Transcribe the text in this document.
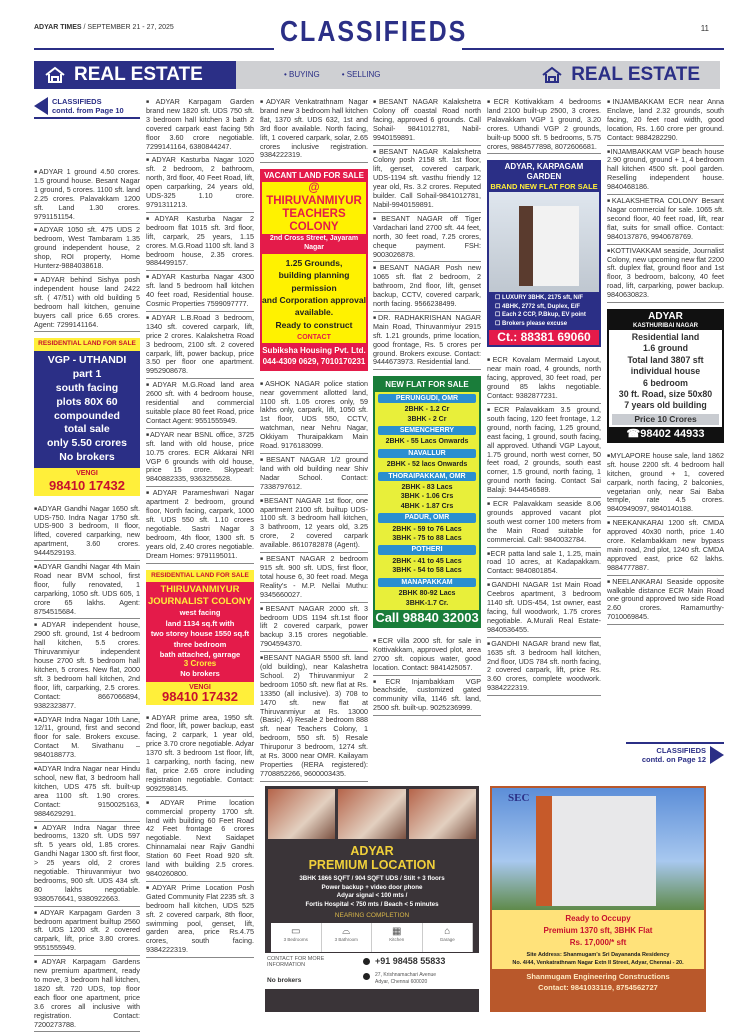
ADYAR TIMES / SEPTEMBER 21 - 27, 2025	CLASSIFIEDS	11
REAL ESTATE	• BUYING	• SELLING	REAL ESTATE
CLASSIFIEDS
contd. from Page 10

■ ADYAR 1 ground 4.50 crores. 1.5 ground house. Besant Nagar 1 ground, 5 crores. 1100 sft. land 2.25 crores. Palavakkam 1200 sft. Land 1.30 crores. 9791151154.

■ ADYAR 1050 sft. 475 UDS 2 bedroom, West Tambaram 1.35 ground independent house, 2 shop, ROI property, Home Hunterz-9884038618.

■ ADYAR behind Sishya posh independent house land 2422 sft. ( 47/51) with old building 5 bedroom hall kitchen, genuine buyers call price 6.65 crores. Agent: 7299141164.

RESIDENTIAL LAND FOR SALE
VGP - UTHANDI
part 1
south facing
plots 80X 60
compounded
total sale
only 5.50 crores
No brokers
VENGI
98410 17432

■ ADYAR Gandhi Nagar 1650 sft. UDS-750. Indra Nagar 1750 sft. UDS-900 3 bedroom, II floor, lifted, covered carparking, new apartment, 3.60 crores. 9444529193.

■ ADYAR Gandhi Nagar 4th Main Road near BVM school, first floor, fully renovated, 1 carparking, 1050 sft. UDS 605, 1 crore 65 lakhs. Agent: 8754515684.

■ ADYAR independent house, 2900 sft. ground, 1st 4 bedroom hall kitchen, 5.5 crores. Thiruvanmiyur independent house 2700 sft. 5 bedroom hall kitchen, 5 crores. New flat, 2000 sft. 3 bedroom hall kitchen, 2nd floor, lift, carparking, 2.5 crores. Contact: 8667066894, 9382323877.

■ ADYAR Indra Nagar 10th Lane, 12/11, ground, first and second floor for sale. Brokers excuse. Contact M. Sivathanu – 9840188773.

■ ADYAR Indra Nagar near Hindu school, new flat, 3 bedroom hall kitchen, UDS 475 sft. built-up area 1100 sft. 1.90 crores. Contact: 9150025163, 9884629291.

■ ADYAR Indra Nagar three bedrooms, 1320 sft. UDS 597 sft. 5 years old, 1.85 crores. Gandhi Nagar 1300 sft. first floor, > 25 years old, 2 crores negotiable. Thiruvanmiyur two bedrooms, 900 sft. UDS 434 sft. 80 lakhs negotiable. 9380576641, 9380922663.

■ ADYAR Karpagam Garden 3 bedroom apartment builtup 2560 sft. UDS 1200 sft. 2 covered carpark, lift, price 3.80 crores. 9551555949.

■ ADYAR Karpagam Gardens new premium apartment, ready to move, 3 bedroom hall kitchen, 1820 sft. 720 UDS, top floor each floor one apartment, price 3.6 crores all inclusive with registration. Contact: 7200273788.

■ ADYAR Karpagam Garden brand new 1820 sft. UDS 750 sft. 3 bedroom hall kitchen 3 bath 2 covered carpark east facing 5th floor 3.60 crore negotiable. 7299141164, 6380844247.

■ ADYAR Kasturba Nagar 1020 sft. 2 bedroom, 2 bathroom, north, 3rd floor, 40 Feet Road, lift, open carparking, 24 years old, UDS-325 1.10 crore. 9791311213.

■ ADYAR Kasturba Nagar 2 bedroom flat 1015 sft. 3rd floor, lift, carpark, 25 years, 1.15 crores. M.G.Road 1100 sft. land 3 bedroom house, 2.35 crores. 9884499157.

■ ADYAR Kasturba Nagar 4300 sft. land 5 bedroom hall kitchen 40 feet road, Residential house. Cosmic Properties 7599097777.

■ ADYAR L.B.Road 3 bedroom, 1340 sft. covered carpark, lift, price 2 crores. Kalakshetra Road 3 bedroom, 2100 sft. 2 covered carpark, lift, power backup, price 3.50 per floor one apartment. 9952908678.

■ ADYAR M.G.Road land area 2600 sft. with 4 bedroom house, residential and commercial suitable place 80 feet Road, price Contact Agent: 9551555949.

■ ADYAR near BSNL office, 3725 sft. land with old house, price 10.75 crores. ECR Akkarai NRI VGP 6 grounds with old house, price 15 crore. Skypearl: 9840882335, 9363255628.

■ ADYAR Parameshwari Nagar apartment 2 bedroom, ground floor, North facing, carpark, 1000 sft. UDS 550 sft. 1.10 crores negotiable. Sastri Nagar 3 bedroom, 4th floor, 1300 sft. 5 years old, 2.40 crores negotiable. Dream Homes: 9791195011.

RESIDENTIAL LAND FOR SALE
THIRUVANMIYUR
JOURNALIST COLONY
west facing
land 1134 sq.ft with
two storey house 1550 sq.ft
three bedroom
bath attached, garrage
3 Crores
No brokers
VENGI
98410 17432

■ ADYAR prime area, 1950 sft. 2nd floor, lift, power backup, east facing, 2 carpark, 1 year old, price 3.70 crore negotiable. Adyar 1370 sft. 3 bedroom 1st floor, lift, 1 carparking, north facing, new flat, price 2.65 crore including registration negotiable. Contact: 9092598145.

■ ADYAR Prime location commercial property 1700 sft. land with building 60 Feet Road 42 Feet frontage 6 crores negotiable. Next Saidapet Chinnamalai near Rajiv Gandhi Station 60 Feet Road 920 sft. land with building 2.5 crores. 9840260800.

■ ADYAR Prime Location Posh Gated Community Flat 2235 sft. 3 bedroom hall kitchen, UDS 525 sft. 2 covered carpark, 8th floor, swimming pool, genset, lift, garden area, price Rs.4.75 crores, south facing. 9384222319.

■ ADYAR Venkatrathnam Nagar brand new 3 bedroom hall kitchen flat, 1370 sft. UDS 632, 1st and 3rd floor available. North facing, lift, 1 covered carpark, solar, 2.65 crores inclusive registration. 9384222319.

VACANT LAND FOR SALE
@ THIRUVANMIYUR
TEACHERS COLONY
2nd Cross Street, Jayaram Nagar
1.25 Grounds,
building planning permission
and Corporation approval
available.
Ready to construct
CONTACT
Subiksha Housing Pvt. Ltd.
044-4309 0629, 7010170231

■ ASHOK NAGAR police station near government allotted land, 1100 sft. 1.05 crores only, 59 lakhs only, carpark, lift, 1050 sft. 1st floor, UDS 550, CCTV, watchman, near Nehru Nagar, Okkiyam Thuraipakkam Main Road. 9176183099.

■ BESANT NAGAR 1/2 ground land with old building near Shiv Nadar School. Contact: 7338797612.

■ BESANT NAGAR 1st floor, one apartment 2100 sft. builtup UDS-1100 sft. 3 bedroom hall kitchen, 3 bathroom, 12 years old, 3.25 crore, 2 covered carpark available. 8610782878 (Agent).

■ BESANT NAGAR 2 bedroom 915 sft. 900 sft. UDS, first floor, total house 6, 30 feet road. Mega Reality's - M.P. Nellai Muthu: 9345660027.

■ BESANT NAGAR 2000 sft. 3 bedroom UDS 1194 sft.1st floor lift 2 covered carpark, power backup 3.15 crores negotiable. 7904594370.

■ BESANT NAGAR 5500 sft. land (old building), near Kalashetra School. 2) Thiruvanmiyur 2 bedroom 1050 sft. new flat at Rs. 13350 (all inclusive). 3) 708 to 1470 sft. new flat at Thiruvanmiyur at Rs. 13000 (Basic). 4) Resale 2 bedroom 888 sft. near Teachers Colony, 1 bedroom, 550 sft. 5) Resale Thiruporur 3 bedroom, 1274 sft. at Rs. 3000 near OMR. Kailayam Properties (RERA registered): 7708852266, 9600003435.

■ BESANT NAGAR Kalakshetra Colony off coastal Road north facing, approved 6 grounds. Call Sohail- 9841012781, Nabil-9940159891.

■ BESANT NAGAR Kalakshetra Colony posh 2158 sft. 1st floor, lift, genset, covered carpark, UDS-1194 sft. vasthu friendly 12 year old, Rs. 3.2 crores. Reputed builder. Call Sohail-9841012781, Nabil-9940159891.

■ BESANT NAGAR off Tiger Vardachari land 2700 sft. 44 feet, north, 30 feet road, 7.25 crores, cheque payment. FSH: 9003026878.

■ BESANT NAGAR Posh new 1065 sft. flat 2 bedroom, 2 bathroom, 2nd floor, lift, genset backup, CCTV, covered carpark, north facing. 9566238499.

■ DR. RADHAKRISHAN NAGAR Main Road, Thiruvanmiyur 2915 sft. 1.21 grounds, prime location, good frontage, Rs. 5 crores per ground. Brokers excuse. Contact: 9444673973. Residential land.

NEW FLAT FOR SALE
PERUNGUDI, OMR
2BHK - 1.2 Cr
3BHK - 2 Cr
SEMENCHERRY
2BHK - 55 Lacs Onwards
NAVALLUR
2BHK - 52 lacs Onwards
THORAIPAKKAM, OMR
2BHK - 83 Lacs
3BHK - 1.06 Crs
4BHK - 1.87 Crs
PADUR, OMR
2BHK - 59 to 76 Lacs
3BHK - 75 to 88 Lacs
POTHERI
2BHK - 41 to 45 Lacs
3BHK - 54 to 58 Lacs
MANAPAKKAM
2BHK 80-92 Lacs
3BHK-1.7 Cr.
Call 98840 32003

■ ECR villa 2000 sft. for sale in Kottivakkam, approved plot, area 2700 sft. copious water, good location. Contact: 9841425057.

■ ECR Injambakkam VGP beachside, customized gated community villa, 1146 sft. land, 2500 sft. built-up. 9025236999.

■ ECR Kottivakkam 4 bedrooms land 2100 built-up 2500, 3 crores. Palavakkam VGP 1 ground, 3.20 crores. Uthandi VGP 2 grounds, built-up 5000 sft. 5 bedrooms, 5.75 crores, 9884577898, 8072606681.

ADYAR, KARPAGAM GARDEN
BRAND NEW FLAT FOR SALE
☐ LUXURY 3BHK, 2175 sft, N/F
☐ 4BHK, 2772 sft, Duplex, E/F
☐ Each 2 CCP, P.Bkup, EV point
☐ Brokers please excuse
Ct.: 88381 69060

■ ECR Kovalam Mermaid Layout, near main road, 4 grounds, north facing, approved, 30 feet road, per ground 85 lakhs negotiable. Contact: 9382877231.

■ ECR Palavakkam 3.5 ground, south facing, 120 feet frontage, 1.2 ground, north facing, 1.25 ground, east facing, 1 ground, south facing, all approved. Uthandi VGP Layout, 1.75 ground, north west corner, 50 feet road, 2 grounds, south east corner, 1.5 ground, north facing, 1 ground north facing. Contact Sai Balaji: 9444546589.

■ ECR Palavakkam seaside 8.06 grounds approved vacant plot south west corner 100 meters from the Main Road suitable for commercial. Call: 9840032784.

■ ECR patta land sale 1, 1.25, main road 10 acres, at Kadapakkam. Contact: 9840801854.

■ GANDHI NAGAR 1st Main Road Ceebros apartment, 3 bedroom 1140 sft. UDS-454, 1st owner, east facing, full woodwork, 1.75 crores negotiable. A.Murali Real Estate-9840536455.

■ GANDHI NAGAR brand new flat, 1635 sft. 3 bedroom hall kitchen, 2nd floor, UDS 784 sft. north facing, 2 covered carpark, lift, price Rs. 3.60 crores, complete woodwork. 9384222319.

■ INJAMBAKKAM ECR near Anna Enclave, land 2.32 grounds, south facing, 20 feet road width, good location, Rs. 1.60 crore per ground. Contact: 9884282290.

■ INJAMBAKKAM VGP beach house 2.90 ground, ground + 1, 4 bedroom hall kitchen 4500 sft. pool garden. Reselling independent house. 9840468186.

■ KALAKSHETRA COLONY Besant Nagar commercial for sale. 1065 sft. second floor, 40 feet road, lift, rear flat, suits for small office. Contact: 9840137876, 9940678769.

■ KOTTIVAKKAM seaside, Journalist Colony, new upcoming new flat 2200 sft. duplex flat, ground floor and 1st floor, 3 bedroom, balcony, 40 feet road, lift, carparking, power backup. 9840630823.

ADYAR
KASTHURIBAI NAGAR
Residential land
1.6 ground
Total land 3807 sft
individual house
6 bedroom
30 ft. Road, size 50x80
7 years old building
Price 10 Crores
☎98402 44933

■ MYLAPORE house sale, land 1862 sft. house 2200 sft. 4 bedroom hall kitchen, ground + 1, covered carpark, north facing, 2 balconies, vegetarian only, near Sai Baba temple, rate 4.5 crores. 9840949097, 9840140188.

■ NEEKANKARAI 1200 sft. CMDA approved 40x30 north, price 1.40 crore. Kelambakkam new bypass main road, 2nd plot, 1240 sft. CMDA approved east, price 62 lakhs. 9884777887.

■ NEELANKARAI Seaside opposite walkable distance ECR Main Road one ground approved two side Road 2.60 crores. Ramamurthy-7010069845.

CLASSIFIEDS
contd. on Page 12
ADYAR
PREMIUM LOCATION
3BHK 1866 SQFT / 904 SQFT UDS / Stilt + 3 floors
Power backup + video door phone
Adyar signal < 100 mts /
Fortis Hospital < 750 mts / Beach < 5 minutes
NEARING COMPLETION
▭
3 Bedrooms
⌓
3 Bathroom
▦
Kitchen
⌂
Garage
CONTACT FOR MORE INFORMATION
No brokers
+91 98458 55833
27, Krishnamachari Avenue
Adyar, Chennai 600020
SEC
Ready to Occupy
Premium 1370 sft, 3BHK Flat
Rs. 17,000/* sft
Site Address: Shanmugam's Sri Dayananda Residency
No. 4/44, Venkatrathnam Nagar Extn II Street, Adyar, Chennai - 20.
Shanmugam Engineering Constructions
Contact: 9841033119, 8754562727
